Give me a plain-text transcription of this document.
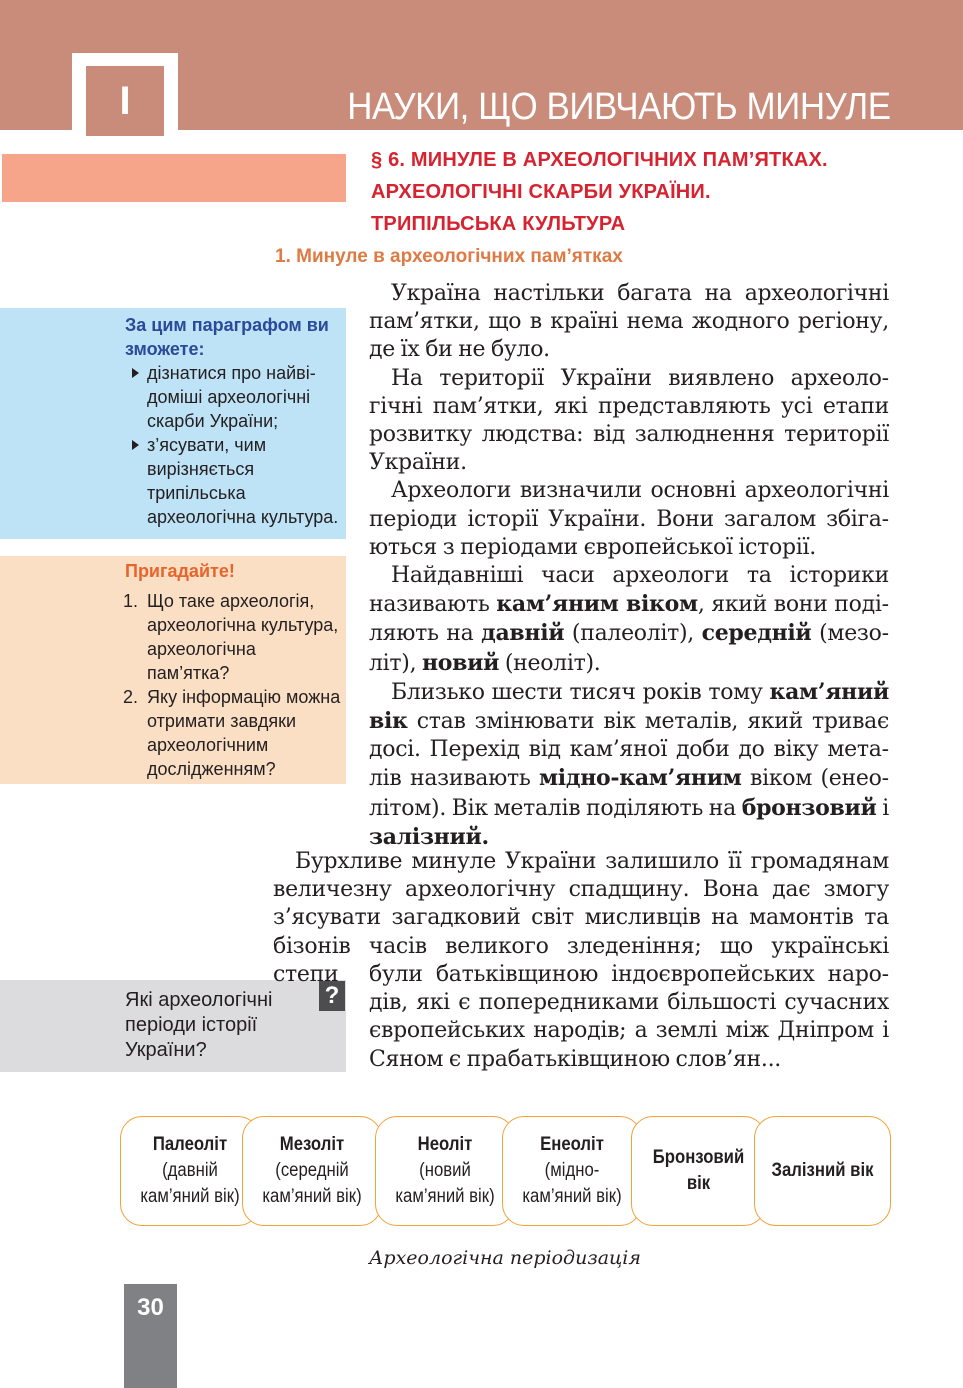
I	НАУКИ, ЩО ВИВЧАЮТЬ МИНУЛЕ
§ 6. МИНУЛЕ В АРХЕОЛОГІЧНИХ ПАМ’ЯТКАХ.
АРХЕОЛОГІЧНІ СКАРБИ УКРАЇНИ.
ТРИПІЛЬСЬКА КУЛЬТУРА
1. Минуле в археологічних пам’ятках
За цим параграфом ви зможете:
дізнатися про найвідоміші археологічні скарби України;
з’ясувати, чим вирізняється трипільська археологічна культура.
Пригадайте!
1. Що таке археологія, археологічна культура, археологічна пам’ятка?
2. Яку інформацію можна отримати завдяки археологічним дослідженням?
Які археологічні періоди історії України?
?

Україна настільки багата на археологічні пам’ятки, що в країні нема жодного регіону, де їх би не було.

На території України виявлено археологічні пам’ятки, які представляють усі етапи розвитку людства: від залюднення території України.

Археологи визначили основні археологічні періоди історії України. Вони загалом збігаються з періодами європейської історії.

Найдавніші часи археологи та історики називають кам’яним віком, який вони поділяють на давній (палеоліт), середній (мезоліт), новий (неоліт).

Близько шести тисяч років тому кам’яний вік став змінювати вік металів, який триває досі. Перехід від кам’яної доби до віку металів називають мідно-кам’яним віком (енеолітом). Вік металів поділяють на бронзовий і залізний.

Бурхливе минуле України залишило її громадянам величезну археологічну спадщину. Вона дає змогу з’ясувати загадковий світ мисливців на мамонтів та бізонів часів великого зледеніння; що українські степи	були батьківщиною індоєвропейських народів, які є попередниками більшості сучасних європейських народів; а землі між Дніпром і Сяном є прабатьківщиною слов’ян...

Палеоліт
(давній кам’яний вік)
Мезоліт
(середній кам’яний вік)
Неоліт
(новий кам’яний вік)
Енеоліт
(мідно-кам’яний вік)
Бронзовий вік
Залізний вік
Археологічна періодизація
30
